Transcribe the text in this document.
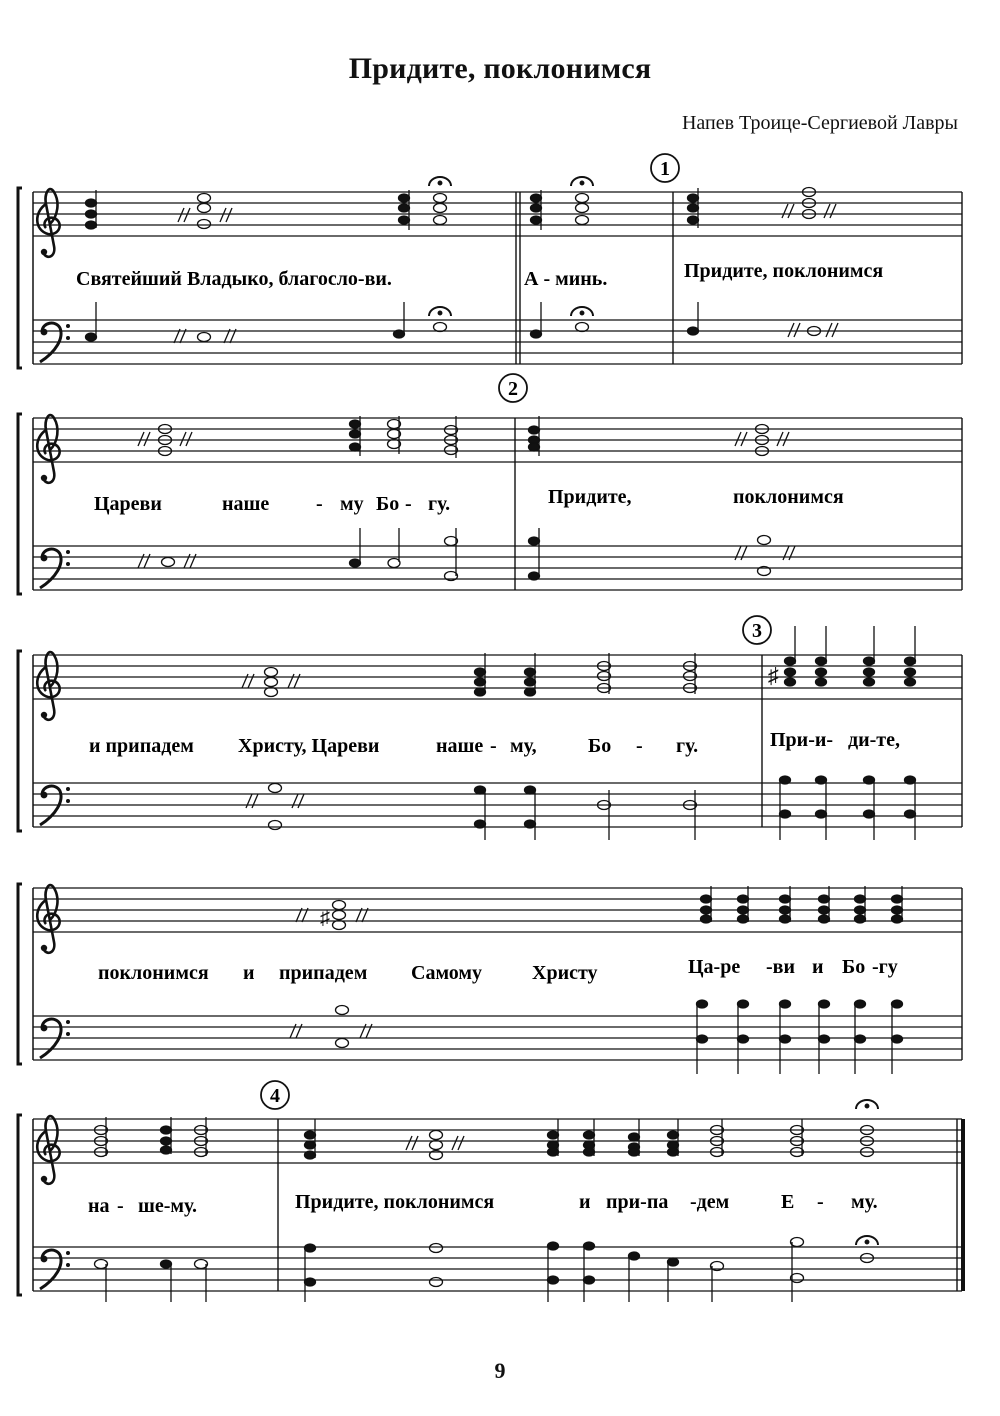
Придите, поклонимся
Напев Троице-Сергиевой Лавры
1
Святейший Владыко, благосло-ви.	А - минь.	Придите, поклонимся
2
Цареви	наше - му Бо - гу.	Придите,	поклонимся
♯
3
и припадем Христу, Цареви	наше - му,	Бо - гу.	При-и- ди-те,
♯
поклонимся и припадем Самому Христу	Ца-ре -ви и Бо -гу
4
на - ше-му.	Придите, поклонимся	и при-па -дем	Е - му.
9
